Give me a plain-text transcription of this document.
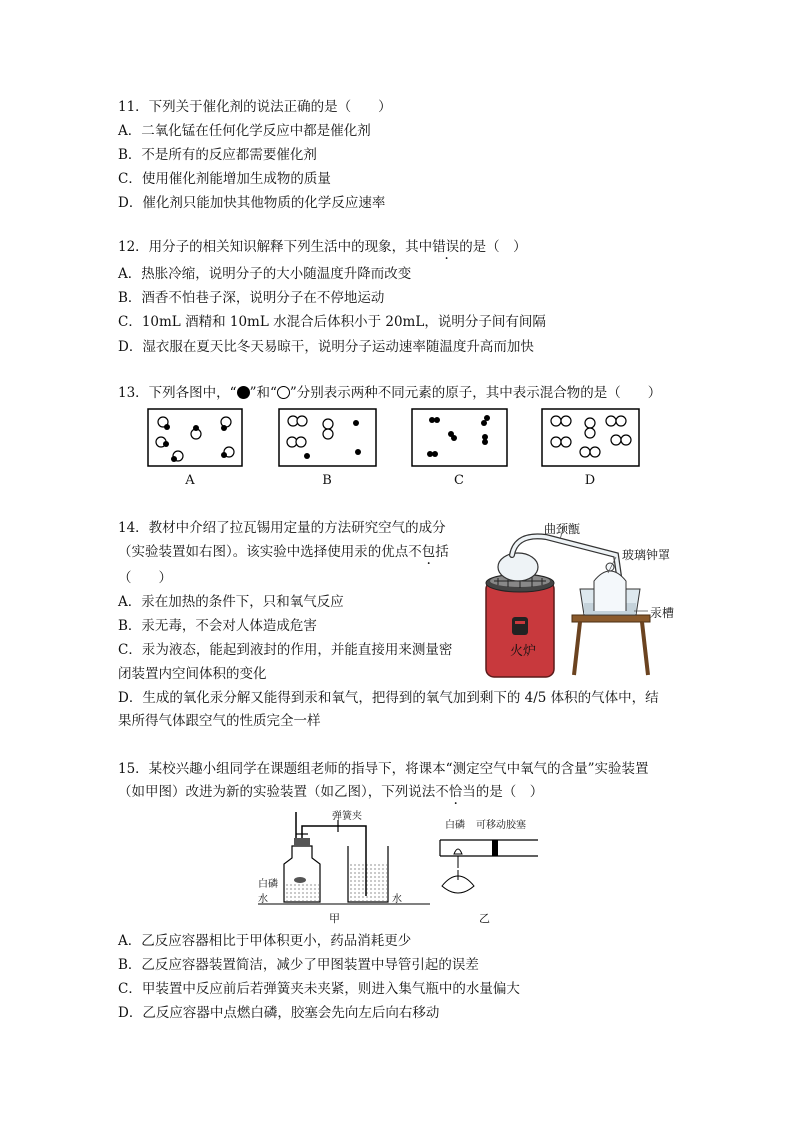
11．下列关于催化剂的说法正确的是（　　）
A．二氧化锰在任何化学反应中都是催化剂
B．不是所有的反应都需要催化剂
C．使用催化剂能增加生成物的质量
D．催化剂只能加快其他物质的化学反应速率
12．用分子的相关知识解释下列生活中的现象，其中错误的是（　）
A．热胀冷缩，说明分子的大小随温度升降而改变
B．酒香不怕巷子深，说明分子在不停地运动
C．10mL 酒精和 10mL 水混合后体积小于 20mL，说明分子间有间隔
D．湿衣服在夏天比冬天易晾干，说明分子运动速率随温度升高而加快
13．下列各图中，“ ”和“ ”分别表示两种不同元素的原子，其中表示混合物的是（　　）
A	B	C	D
14．教材中介绍了拉瓦锡用定量的方法研究空气的成分
（实验装置如右图）。该实验中选择使用汞的优点不包括
（　　）
A．汞在加热的条件下，只和氧气反应
B．汞无毒，不会对人体造成危害
C．汞为液态，能起到液封的作用，并能直接用来测量密
闭装置内空间体积的变化
D．生成的氧化汞分解又能得到汞和氧气，把得到的氧气加到剩下的 4/5 体积的气体中，结
果所得气体跟空气的性质完全一样
火炉
曲颈甑
玻璃钟罩
汞槽
15．某校兴趣小组同学在课题组老师的指导下，将课本“测定空气中氧气的含量”实验装置
（如甲图）改进为新的实验装置（如乙图），下列说法不恰当的是（　）
弹簧夹
白磷
水	水
甲
白磷 可移动胶塞
乙
A．乙反应容器相比于甲体积更小，药品消耗更少
B．乙反应容器装置简洁，减少了甲图装置中导管引起的误差
C．甲装置中反应前后若弹簧夹未夹紧，则进入集气瓶中的水量偏大
D．乙反应容器中点燃白磷，胶塞会先向左后向右移动
